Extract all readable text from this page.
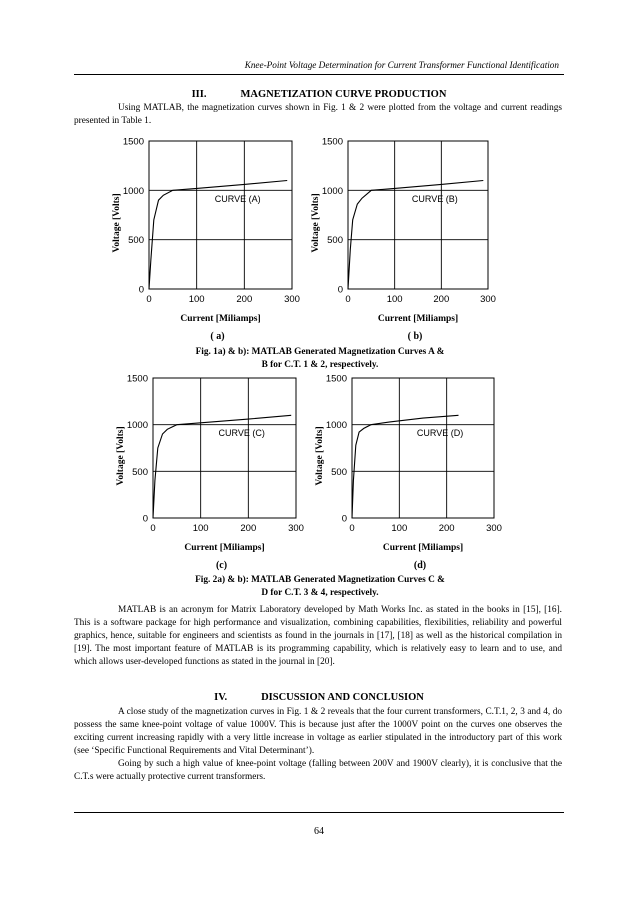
Knee-Point Voltage Determination for Current Transformer Functional Identification
III.	MAGNETIZATION CURVE PRODUCTION

Using MATLAB, the magnetization curves shown in Fig. 1 & 2 were plotted from the voltage and current readings presented in Table 1.

0	100	200	300
0
500
1000
1500
CURVE (A)
Current [Miliamps]
Voltage [Volts]
( a)
0	100	200	300
0
500
1000
1500
CURVE (B)
Current [Miliamps]
Voltage [Volts]
( b)
Fig. 1a) & b): MATLAB Generated Magnetization Curves A &
B for C.T. 1 & 2, respectively.
0	100	200	300
0
500
1000
1500
CURVE (C)
Current [Miliamps]
Voltage [Volts]
(c)
0	100	200	300
0
500
1000
1500
CURVE (D)
Current [Miliamps]
Voltage [Volts]
(d)
Fig. 2a) & b): MATLAB Generated Magnetization Curves C &
D for C.T. 3 & 4, respectively.

MATLAB is an acronym for Matrix Laboratory developed by Math Works Inc. as stated in the books in [15], [16]. This is a software package for high performance and visualization, combining capabilities, flexibilities, reliability and powerful graphics, hence, suitable for engineers and scientists as found in the journals in [17], [18] as well as the historical compilation in [19]. The most important feature of MATLAB is its programming capability, which is relatively easy to learn and to use, and which allows user-developed functions as stated in the journal in [20].

IV.	DISCUSSION AND CONCLUSION

A close study of the magnetization curves in Fig. 1 & 2 reveals that the four current transformers, C.T.1, 2, 3 and 4, do possess the same knee-point voltage of value 1000V. This is because just after the 1000V point on the curves one observes the exciting current increasing rapidly with a very little increase in voltage as earlier stipulated in the introductory part of this work (see ‘Specific Functional Requirements and Vital Determinant’).

Going by such a high value of knee-point voltage (falling between 200V and 1900V clearly), it is conclusive that the C.T.s were actually protective current transformers.

64
